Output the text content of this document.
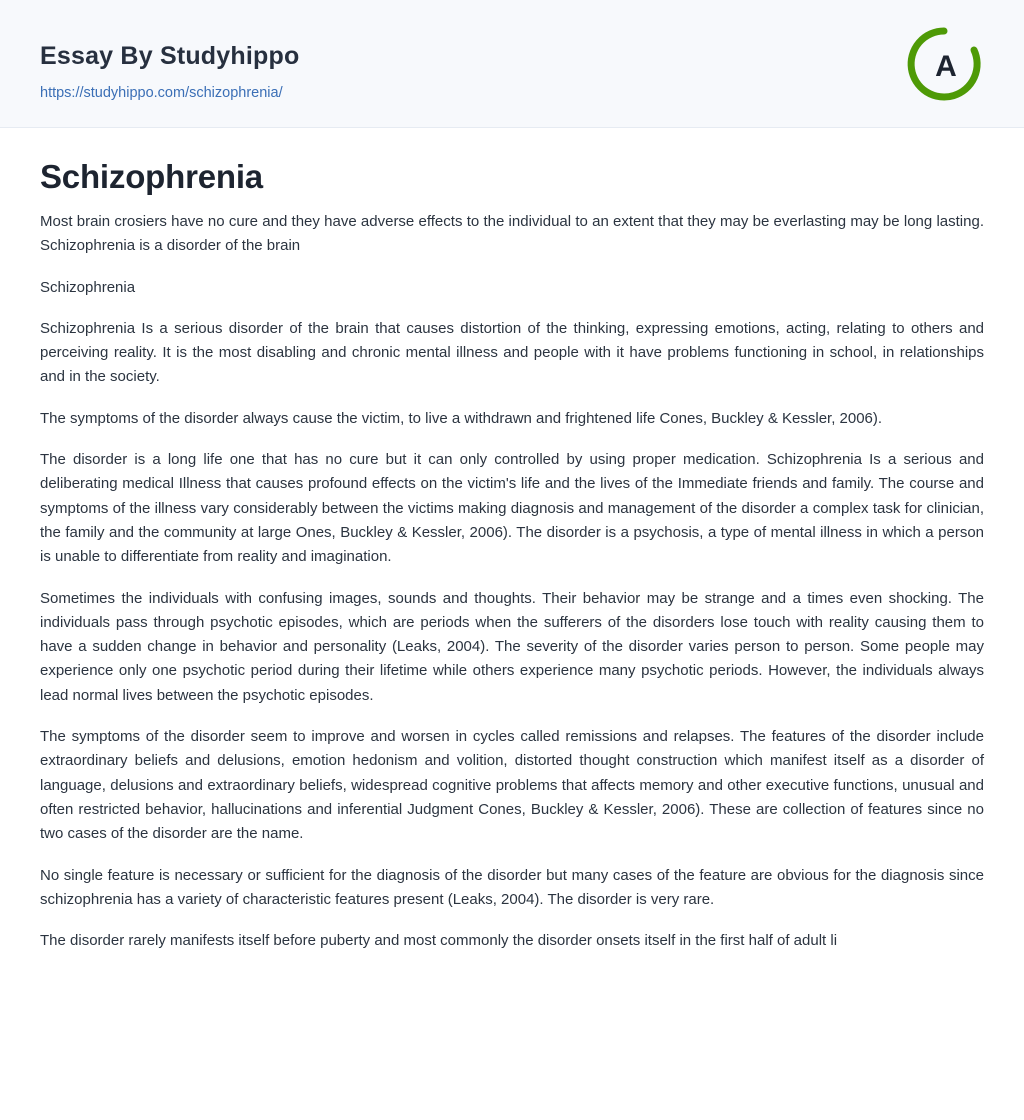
Essay By Studyhippo
https://studyhippo.com/schizophrenia/
A
Schizophrenia

Most brain crosiers have no cure and they have adverse effects to the individual to an extent that they may be everlasting may be long lasting. Schizophrenia is a disorder of the brain

Schizophrenia

Schizophrenia Is a serious disorder of the brain that causes distortion of the thinking, expressing emotions, acting, relating to others and perceiving reality. It is the most disabling and chronic mental illness and people with it have problems functioning in school, in relationships and in the society.

The symptoms of the disorder always cause the victim, to live a withdrawn and frightened life Cones, Buckley & Kessler, 2006).

The disorder is a long life one that has no cure but it can only controlled by using proper medication. Schizophrenia Is a serious and deliberating medical Illness that causes profound effects on the victim's life and the lives of the Immediate friends and family. The course and symptoms of the illness vary considerably between the victims making diagnosis and management of the disorder a complex task for clinician, the family and the community at large Ones, Buckley & Kessler, 2006). The disorder is a psychosis, a type of mental illness in which a person is unable to differentiate from reality and imagination.

Sometimes the individuals with confusing images, sounds and thoughts. Their behavior may be strange and a times even shocking. The individuals pass through psychotic episodes, which are periods when the sufferers of the disorders lose touch with reality causing them to have a sudden change in behavior and personality (Leaks, 2004). The severity of the disorder varies person to person. Some people may experience only one psychotic period during their lifetime while others experience many psychotic periods. However, the individuals always lead normal lives between the psychotic episodes.

The symptoms of the disorder seem to improve and worsen in cycles called remissions and relapses. The features of the disorder include extraordinary beliefs and delusions, emotion hedonism and volition, distorted thought construction which manifest itself as a disorder of language, delusions and extraordinary beliefs, widespread cognitive problems that affects memory and other executive functions, unusual and often restricted behavior, hallucinations and inferential Judgment Cones, Buckley & Kessler, 2006). These are collection of features since no two cases of the disorder are the name.

No single feature is necessary or sufficient for the diagnosis of the disorder but many cases of the feature are obvious for the diagnosis since schizophrenia has a variety of characteristic features present (Leaks, 2004). The disorder is very rare.

The disorder rarely manifests itself before puberty and most commonly the disorder onsets itself in the first half of adult li
